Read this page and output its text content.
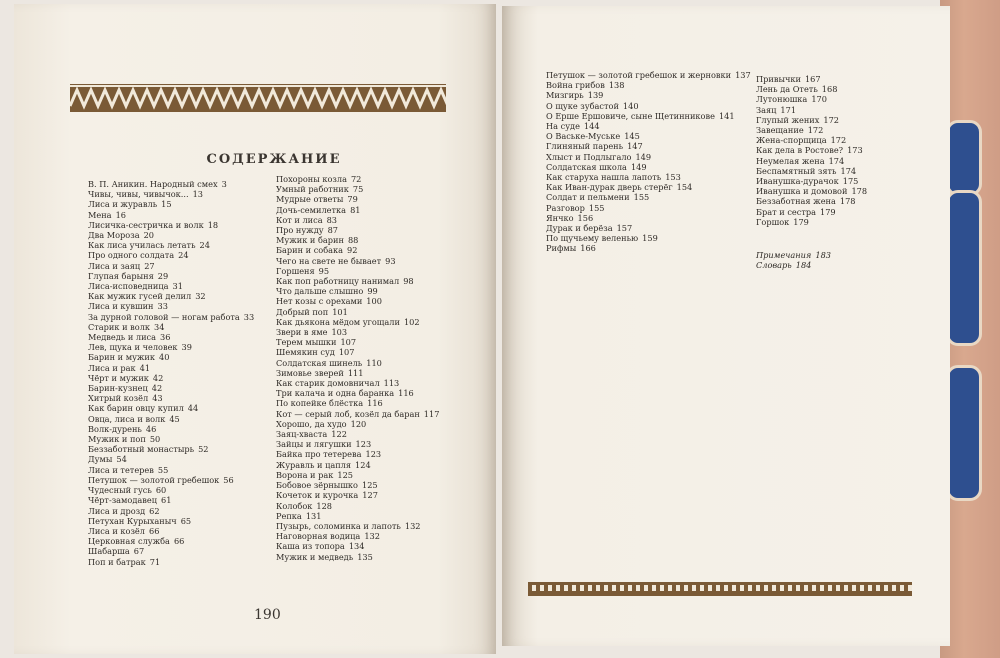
СОДЕРЖАНИЕ
В. П. Аникин. Народный смех 3
Чивы, чивы, чивычок... 13
Лиса и журавль 15
Мена 16
Лисичка-сестричка и волк 18
Два Мороза 20
Как лиса училась летать 24
Про одного солдата 24
Лиса и заяц 27
Глупая барыня 29
Лиса-исповедница 31
Как мужик гусей делил 32
Лиса и кувшин 33
За дурной головой — ногам работа 33
Старик и волк 34
Медведь и лиса 36
Лев, щука и человек 39
Барин и мужик 40
Лиса и рак 41
Чёрт и мужик 42
Барин-кузнец 42
Хитрый козёл 43
Как барин овцу купил 44
Овца, лиса и волк 45
Волк-дурень 46
Мужик и поп 50
Беззаботный монастырь 52
Думы 54
Лиса и тетерев 55
Петушок — золотой гребешок 56
Чудесный гусь 60
Чёрт-замодавец 61
Лиса и дрозд 62
Петухан Курыханыч 65
Лиса и козёл 66
Церковная служба 66
Шабарша 67
Поп и батрак 71
Похороны козла 72
Умный работник 75
Мудрые ответы 79
Дочь-семилетка 81
Кот и лиса 83
Про нужду 87
Мужик и барин 88
Барин и собака 92
Чего на свете не бывает 93
Горшеня 95
Как поп работницу нанимал 98
Что дальше слышно 99
Нет козы с орехами 100
Добрый поп 101
Как дьякона мёдом угощали 102
Звери в яме 103
Терем мышки 107
Шемякин суд 107
Солдатская шинель 110
Зимовье зверей 111
Как старик домовничал 113
Три калача и одна баранка 116
По копейке блёстка 116
Кот — серый лоб, козёл да баран 117
Хорошо, да худо 120
Заяц-хваста 122
Зайцы и лягушки 123
Байка про тетерева 123
Журавль и цапля 124
Ворона и рак 125
Бобовое зёрнышко 125
Кочеток и курочка 127
Колобок 128
Репка 131
Пузырь, соломинка и лапоть 132
Наговорная водица 132
Каша из топора 134
Мужик и медведь 135
190
Петушок — золотой гребешок и жерновки 137
Война грибов 138
Мизгирь 139
О щуке зубастой 140
О Ерше Ершовиче, сыне Щетинникове 141
На суде 144
О Ваське-Муське 145
Глиняный парень 147
Хлыст и Подлыгало 149
Солдатская школа 149
Как старуха нашла лапоть 153
Как Иван-дурак дверь стерёг 154
Солдат и пельмени 155
Разговор 155
Янчко 156
Дурак и берёза 157
По щучьему веленью 159
Рифмы 166
Привычки 167
Лень да Отеть 168
Лутонюшка 170
Заяц 171
Глупый жених 172
Завещание 172
Жена-спорщица 172
Как дела в Ростове? 173
Неумелая жена 174
Беспамятный зять 174
Иванушка-дурачок 175
Иванушка и домовой 178
Беззаботная жена 178
Брат и сестра 179
Горшок 179
Примечания 183
Словарь 184
